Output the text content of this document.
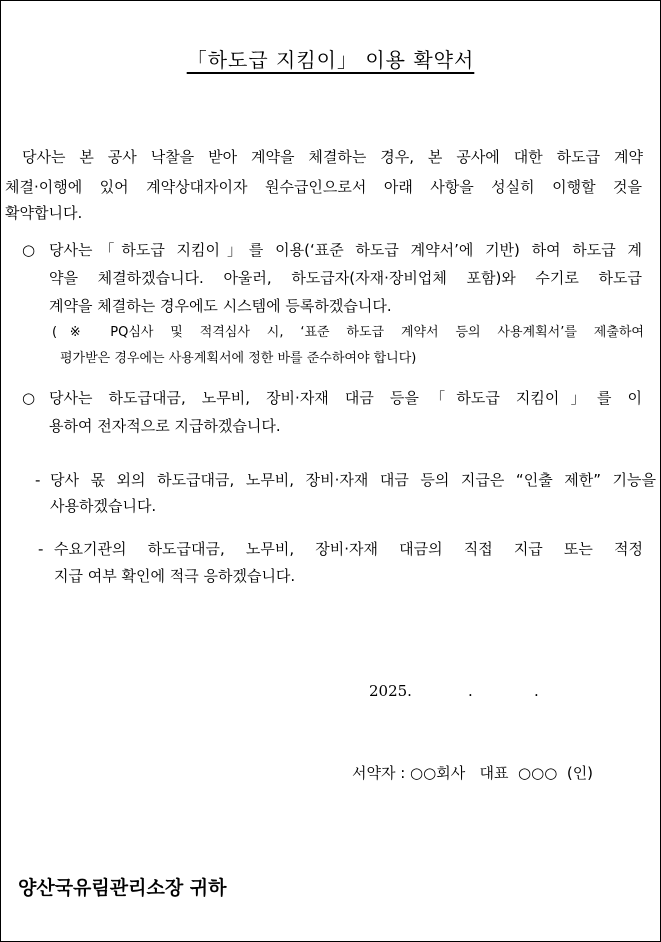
「하도급 지킴이」 이용 확약서
당사는 본 공사 낙찰을 받아 계약을 체결하는 경우, 본 공사에 대한 하도급 계약
체결·이행에 있어 계약상대자이자 원수급인으로서 아래 사항을 성실히 이행할 것을
확약합니다.
○ 당사는「하도급 지킴이」를 이용(‘표준 하도급 계약서’에 기반) 하여 하도급 계
약을 체결하겠습니다. 아울러, 하도급자(자재·장비업체 포함)와 수기로 하도급
계약을 체결하는 경우에도 시스템에 등록하겠습니다.
(※ PQ심사 및 적격심사 시, ‘표준 하도급 계약서 등의 사용계획서’를 제출하여
평가받은 경우에는 사용계획서에 정한 바를 준수하여야 합니다)
○ 당사는 하도급대금, 노무비, 장비·자재 대금 등을「하도급 지킴이」를 이
용하여 전자적으로 지급하겠습니다.
- 당사 몫 외의 하도급대금, 노무비, 장비·자재 대금 등의 지급은 “인출 제한” 기능을
사용하겠습니다.
- 수요기관의 하도급대금, 노무비, 장비·자재 대금의 직접 지급 또는 적정
지급 여부 확인에 적극 응하겠습니다.
2025.	.	.
서약자 : ○○회사   대표  ○○○  (인)
양산국유림관리소장 귀하
